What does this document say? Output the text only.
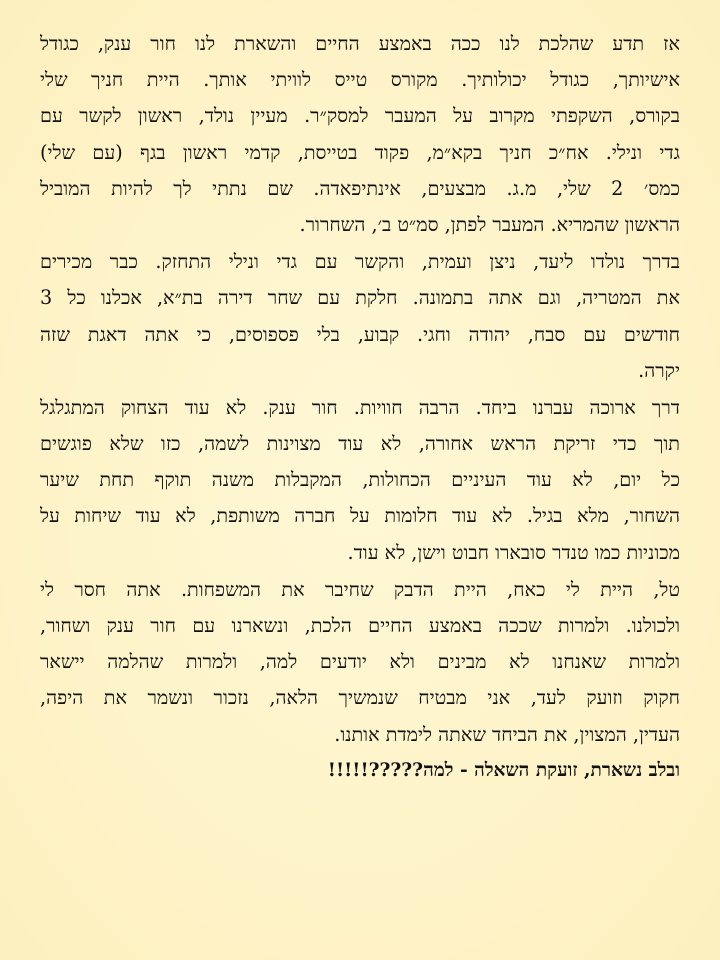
אז תדע שהלכת לנו ככה באמצע החיים והשארת לנו חור ענק, כגודל
אישיותך, כגודל יכולותיך. מקורס טייס לוויתי אותך. היית חניך שלי
בקורס, השקפתי מקרוב על המעבר למסק״ר. מעיין נולד, ראשון לקשר עם
גדי ונילי. אח״כ חניך בקא״מ, פקוד בטייסת, קדמי ראשון בגף (עם שלי)
כמס׳ 2 שלי, מ.ג. מבצעים, אינתיפאדה. שם נתתי לך להיות המוביל
הראשון שהמריא. המעבר לפתן, סמ״ט ב׳, השחרור.
בדרך נולדו ליעד, ניצן ועמית, והקשר עם גדי ונילי התחזק. כבר מכירים
את המטריה, וגם אתה בתמונה. חלקת עם שחר דירה בת״א, אכלנו כל 3
חודשים עם סבח, יהודה וחגי. קבוע, בלי פספוסים, כי אתה דאגת שזה
יקרה.
דרך ארוכה עברנו ביחד. הרבה חוויות. חור ענק. לא עוד הצחוק המתגלגל
תוך כדי זריקת הראש אחורה, לא עוד מצוינות לשמה, כזו שלא פוגשים
כל יום, לא עוד העיניים הכחולות, המקבלות משנה תוקף תחת שיער
השחור, מלא בגיל. לא עוד חלומות על חברה משותפת, לא עוד שיחות על
מכוניות כמו טנדר סובארו חבוט וישן, לא עוד.
טל, היית לי כאח, היית הדבק שחיבר את המשפחות. אתה חסר לי
ולכולנו. ולמרות שככה באמצע החיים הלכת, ונשארנו עם חור ענק ושחור,
ולמרות שאנחנו לא מבינים ולא יודעים למה, ולמרות שהלמה יישאר
חקוק וזועק לעד, אני מבטיח שנמשיך הלאה, נזכור ונשמר את היפה,
העדין, המצוין, את הביחד שאתה לימדת אותנו.
ובלב נשארת, זועקת השאלה - למה?????!!!!!
